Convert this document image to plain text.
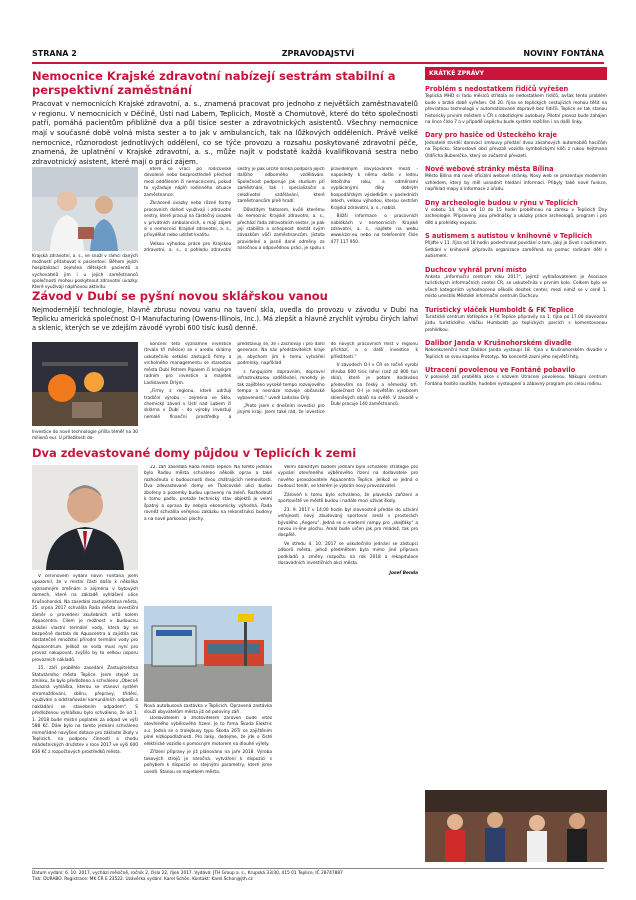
STRANA 2	ZPRAVODAJSTVÍ	NOVINY FONTÁNA
Nemocnice Krajské zdravotní nabízejí sestrám stabilní a perspektivní zaměstnání

Pracovat v nemocnicích Krajské zdravotní, a. s., znamená pracovat pro jednoho z největších zaměstnavatelů v regionu. V nemocnicích v Děčíně, Ústí nad Labem, Teplicích, Mostě a Chomutově, které do této společnosti patří, pomáhá pacientům přibližně dva a půl tisíce sester a zdravotnických asistentů. Všechny nemocnice mají v současné době volná místa sester a to jak v ambulancích, tak na lůžkových odděleních. Právě velké nemocnice, různorodost jednotlivých oddělení, co se týče provozu a rozsahu poskytované zdravotní péče, znamená, že uplatnění v Krajské zdravotní, a. s., může najít v podstatě každá kvalifikovaná sestra nebo zdravotnický asistent, které mají o práci zájem.

Krajská zdravotní, a. s., se snaží v rámci daných možností přitahovat k pacientovi. Během jejích hospitalizací zejména dětských pacientů a vychovatelů jim i u jejich zaměstnanců společnosti mohou poskytnout zdravotní úvazky. Které využívají náplňovou aktivitu.

které se vrací po rodičovské dovolené nebo bezprostředně přechod mezi oddělením či nemocnicemi, pokud to vyžaduje náplň rodinného situace zaměstnance.

Zkrácené úvazky nebo různé formy pracovních dohod využívají i zdravotní sestry, které pracují na částečný úvazek v privátních ambulancích, o mají zájem si v nemocnici Krajské zdravotní, a. s., přivydělat nebo udržet kvalitu.

Velkou výhodou práce pro Krajskou zdravotní, a. s., z pohledu zdravotní sestry je pak určitě široká podpora jejich dalšího odborného vzdělávání. Společnost podporuje jak studium při zaměstnání, tak i specializační a celoživotní vzdělávání, které zaměstnancům plně hradí.

Důležitým faktorem, kvůli kterému do nemocnic Krajské zdravotní, a. s., přechází řada zdravotních sester, je pak její stabilita a schopnost dostát svým závazkům vůči zaměstnancům. Jistota pravidelné a jasně dané odměny za náročnou a odpovědnou práci, je spolu s pravidelným navyšováním mezd - naposledy k němu došlo v lednu letošního roku, a odměnami vyplácenými díky dobrým hospodářským výsledkům v posledních letech, velkou výhodou, kterou sestrám Krajská zdravotní, a. s., nabízí.

Bližší informace o pracovních nabídkách v nemocnicích Krajské zdravotní, a. s., najdete na webu www.kzcr.eu nebo na telefonním čísle 477 117 950.

Závod v Dubí se pyšní novou sklářskou vanou

Nejmodernější technologie, hlavně zbrusu novou vanu na tavení skla, uvedla do provozu v závodu v Dubí na Teplicku americká společnost O-I Manufacturing (Owens-Illinois, Inc.). Má zlepšit a hlavně zrychlit výrobu čirých lahví a sklenic, kterých se ve zdejším závodě vyrobí 600 tisíc kusů denně.

Investice do nové technologie přišla téměř na 30 milionů eur. U příležitosti do-

končení této významné investice (trvala tři měsíce) se v areálu sklárny uskutečnilo setkání zástupců firmy a vrcholného managementu se starostou města Dubí Petrem Pipalem či krajským radním pro investice a majetek Ladislavem Drlým.

„Firmy z regionu, které udržují tradiční výrobu - zejména ve Sklo, chemický závod v Ústí nad Labem či sklárna v Dubí - do výroby investují nemalé finanční prostředky a představují se, že i zachovají i pro další generace. Na nás představitelích kraje je, abychom jim k tomu vytvářeli podmínky, například

s fungujícím dopravním, dopravní infrastrukturou vzdělávání, mnohdy je tak zajištěno vysoké tempo rozvojového tempa a nesnáze rozvoje občanské vybavenosti,“ uvedl Ladislav Drlý.

„Proto jsem s dnešním investicí pro jinými kraji. Jsem také rád, že investice do nových pracovních míst v regionu přichází, a o další investice k příležitosti.“

V závodech O-I v ČR se ročně vyrobí zhruba 600 tisíc lahví (což až 800 tun skla), které je potom dodáváno především na český a německý trh. Společnost O-I je největším výrobcem skleněných obalů na světě. V závodě v Dubí pracuje 140 zaměstnanců.

Dva zdevastované domy půjdou v Teplicích k zemi

V červnovém vydání novin Fontána jsem upozornil, že v místní části došlo k několika významným změnám a zejména v bytových domech, které na základě vyhlášení ulice Krušnohorská. Na zasedání zastupitelstva města, 25. srpna 2017 schválila Rada města investiční záměr o provedení zkušebních vrtů kolem Aquacentra. Cílem je možnost v budoucnu získání vlastní termální vody, která by se bezpečně dostala do Aquacentra a zajistila tak dostatečné množství přírodní termální vody pro Aquacentrum. Jelikož se voda musí nyní pro provoz nakupovat, zvýšilo by to velkou úsporu provozních nákladů.

15. září proběhlo zasedání Zastupitelstva Statutárního města Teplice. Jsem stejně za zmínku, že bylo předloženo a schváleno „Obecně závazná vyhláška, kterou se stanoví systém shromažďování, sběru, přepravy, třídění, využívání a odstraňování komunálních odpadů a nakládání se stavebním odpadem“. S předloženou vyhláškou bylo schváleno, že od 1. 1. 2018 bude místní poplatek za odpad ve výši 588 Kč. Dále bylo na tomto jednání schváleno mimořádné navýšení dotace pro základní školy v Teplicích, na podporu činnosti a chodu mládežnických družstev v roce 2017 ve výši 600 836 Kč z rozpočtových prostředků města.

22. září zasedala Rada města Teplice. Na tomto jednání bylo Radou města schváleno několik oprav a také rozhodnuto o budoucnosti dvou chátrajících nemovitostí. Dva zdevastované domy ve Tkalcovské ulici budou zbořeny a pozemky budou upraveny na zeleň. Rozhodnutí k tomu padlo, protože technický stav objektů je velmi špatný a oprava by nebyla ekonomicky výhodná. Rada rovněž schválila veřejnou zakázku na rekonstrukci budovy a na nové parkovací plochy.

Nová autobusová zastávka v Teplicích. Opravená zastávka slouží obyvatelům města již od poloviny září.

Dodavatelem a zhotovitelem zároveň bude vítěz otevřeného výběrového řízení. Je to firma Škoda Elektric a.s. Jedná se o trolejbusy typu Škoda 26Tr se zajištěním plné nízkopodlažnosti. Pro laiky, dodejme, že jde o čisté elektrické vozidlo s pomocným motorem na dlouhé výlety.

Zřízení přípravy je již plánováno na jaře 2018. Výroba tokových strojů je náročná, vytváření k dispozici s pohybem k dispozici se stejnými parametry, které jsme uvedli. Stanou se majetkem města.

Velmi důležitým bodem jednání bylo schválení strategie pro vypsání otevřeného výběrového řízení na dodavatele pro nového provozovatele Aquacentra Teplice. Jelikož se jedná o budoucí tendr, ve kterém je vybrán nový provozovatel.

Zároveň k tomu bylo schváleno, že plavecká zařízení a sportoviště ve městě budou i nadále moci užívat školy.

23. 9. 2017 v 14.00 hodin byl slavnostně předán do užívání veřejnosti nový zbudovaný sportovní areál v prostorách bývalého „Angeru“. Jedná se o moderní rampy pro „skejťáky“ a novou in-line plochu. Areál bude určen jak pro mládež, tak pro dospělé.

Ve středu 4. 10. 2017 se uskutečnilo jednání se zástupci odborů města, jehož předmětem byla mimo jiné příprava podkladů a změny rozpočtu na rok 2018 a rekapitulace dosavadních investičních akcí města.

Josef Benda
KRÁTKÉ ZPRÁVY
Problém s nedostatkem řidičů vyřešen

Teplická MHD si řadu měsíců střídala se nedostatkem řidičů, avšak tento problém bude v brzké době vyřešen. Od 20. října se teplických cestujících mohou těšit na převratnou technologii v automatizované dopravě bez řidičů. Teplice se tak stanou historicky prvním městem v ČR s robotickými autobusy. Pilotní provoz bude zahájen na lince číslo 7 a v případě úspěchu bude systém rozšířen i na další linky.

Dary pro hasiče od Ústeckého kraje

Jednatelé stvrdili darovací smlouvy předání dvou zásahových automobilů hasičům na Teplicku. Starostové obcí převzali vozidla symbolickými klíči z rukou hejtmana Oldřicha Bubeníčka, který se zúčastnil převzetí.

Nové webové stránky města Bílina

Město Bílina má nové oficiální webové stránky. Nový web se prezentuje moderním vzhledem, který by měl usnadnit hledání informací. Přibyly také nové funkce, například mapy a informace z úřadu.

Dny archeologie budou v rýnu v Teplicích

V sobotu 14. října od 10 do 15 hodin proběhnou na zámku v Teplicích Dny archeologie. Připraveny jsou přednášky a ukázky práce archeologů, program i pro děti a prohlídky expozic.

S autismem s autistou v knihovně v Teplicích

Přijďte v 11. října od 18 hodin poslechnout povídání o tom, jaký je život s autismem. Setkání v knihovně připravila organizace zaměřená na pomoc rodinám dětí s autismem.

Duchcov vyhrál první místo

Anketa „Informační centrum roku 2017“, jejímž vyhlašovatelem je Asociace turistických informačních center ČR, se uskutečnila v prvním kole. Celkem bylo ve všech kategoriích vyhodnoceno několik desítek center, mezi nimiž se v ceně 1. místo umístilo Městské informační centrum Duchcov.

Turistický vláček Humboldt & FK Teplice

Turistické centrum Votřeplice a FK Teplice připravily na 1. října po 17.00 slavnostní jízdu turistického vláčku Humboldt po teplických parcích s komentovanou prohlídkou.

Dalibor Janda v Krušnohorském divadle

Nekonkurenční host Dalibor Janda vystoupí 18. října v Krušnohorském divadle v Teplicích se svou kapelou Prototyp. Na koncertě zazní jeho největší hity.

Utracení povolenou ve Fontáně pobavilo

V polovině září proběhla akce s názvem Utracení povolenou. Nákupní centrum Fontána hostilo soutěže, hudební vystoupení a zábavný program pro celou rodinu.

Datum vydání: 6. 10. 2017, vychází měsíčně, ročník 2, číslo 22, říjen 2017. Vydává: JTH Group a. s., Krupská 33/30, 415 01 Teplice, IČ 28747887
Tisk: DURABO. Registrace: MK ČR E 23522. Uzávěrka vydání: Karel Schön. Kontakt: Karel.Schon@jth.cz
